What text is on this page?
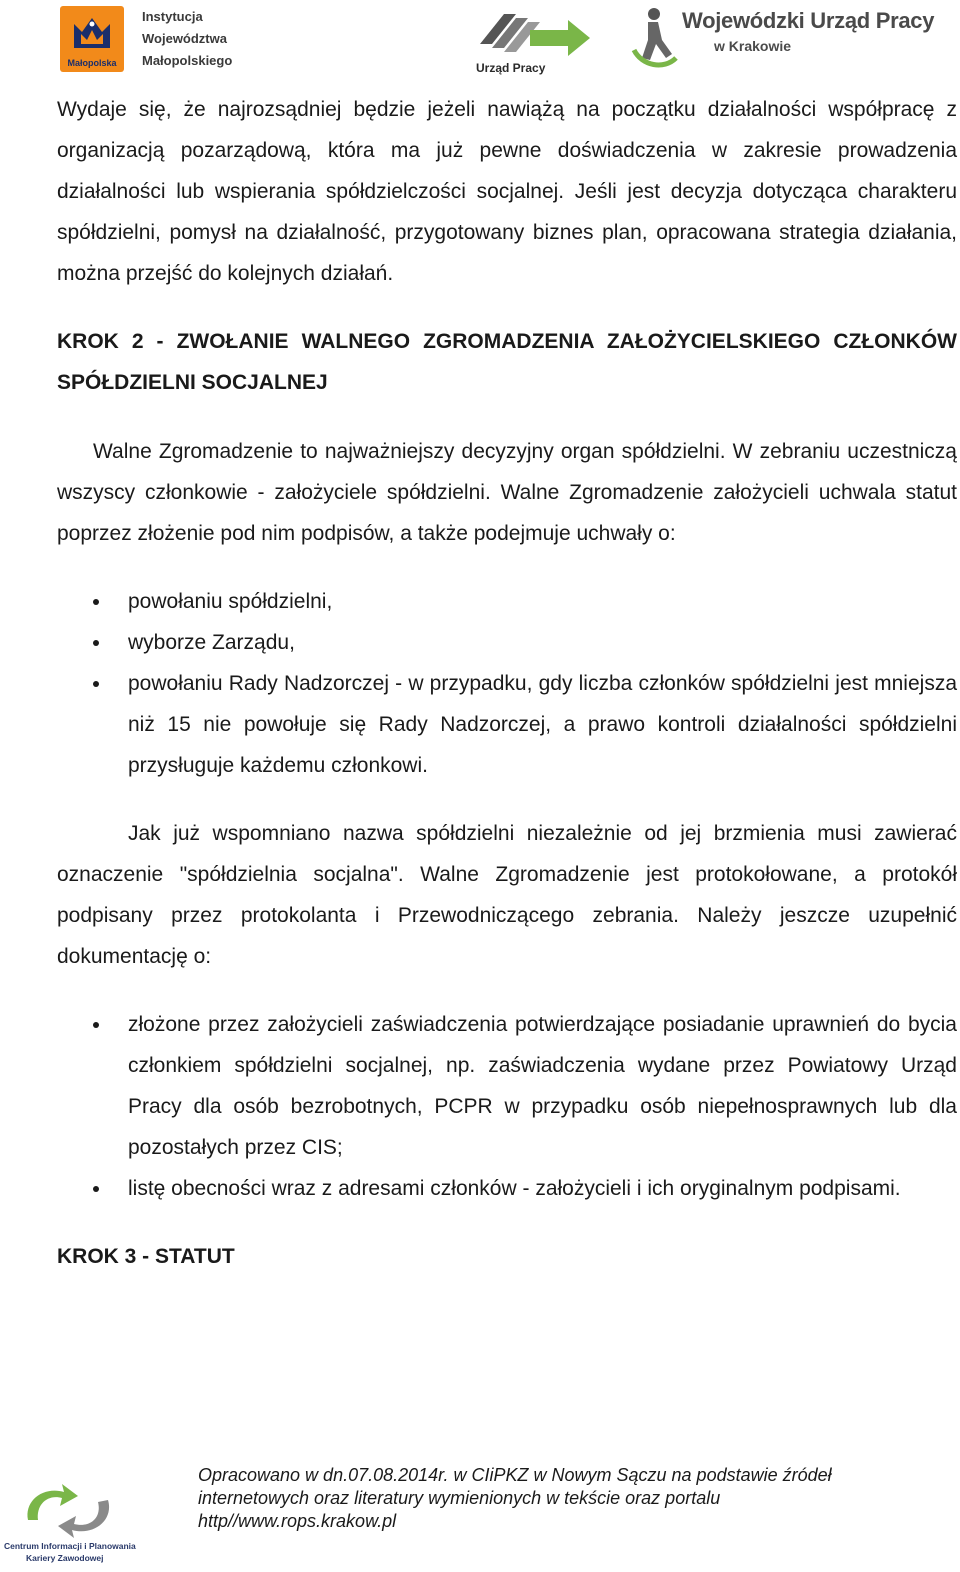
Małopolska
Instytucja
Województwa
Małopolskiego	Urząd Pracy
Wojewódzki Urząd Pracy
w Krakowie

Wydaje się, że najrozsądniej będzie jeżeli nawiążą na początku działalności współpracę z organizacją pozarządową, która ma już pewne doświadczenia w zakresie prowadzenia działalności lub wspierania spółdzielczości socjalnej. Jeśli jest decyzja dotycząca charakteru spółdzielni, pomysł na działalność, przygotowany biznes plan, opracowana strategia działania, można przejść do kolejnych działań.

KROK 2 - ZWOŁANIE WALNEGO ZGROMADZENIA ZAŁOŻYCIELSKIEGO CZŁONKÓW SPÓŁDZIELNI SOCJALNEJ

Walne Zgromadzenie to najważniejszy decyzyjny organ spółdzielni. W zebraniu uczestniczą wszyscy członkowie - założyciele spółdzielni. Walne Zgromadzenie założycieli uchwala statut poprzez złożenie pod nim podpisów, a także podejmuje uchwały o:

powołaniu spółdzielni,
wyborze Zarządu,
powołaniu Rady Nadzorczej - w przypadku, gdy liczba członków spółdzielni jest mniejsza niż 15 nie powołuje się Rady Nadzorczej, a prawo kontroli działalności spółdzielni przysługuje każdemu członkowi.

Jak już wspomniano nazwa spółdzielni niezależnie od jej brzmienia musi zawierać oznaczenie "spółdzielnia socjalna". Walne Zgromadzenie jest protokołowane, a protokół podpisany przez protokolanta i Przewodniczącego zebrania. Należy jeszcze uzupełnić dokumentację o:

złożone przez założycieli zaświadczenia potwierdzające posiadanie uprawnień do bycia członkiem spółdzielni socjalnej, np. zaświadczenia wydane przez Powiatowy Urząd Pracy dla osób bezrobotnych, PCPR w przypadku osób niepełnosprawnych lub dla pozostałych przez CIS;
listę obecności wraz z adresami członków - założycieli i ich oryginalnym podpisami.
KROK 3 - STATUT
Centrum Informacji i Planowania
Kariery Zawodowej
Opracowano w dn.07.08.2014r. w CIiPKZ w Nowym Sączu na podstawie źródeł
internetowych oraz literatury wymienionych w tekście oraz portalu
http//www.rops.krakow.pl
